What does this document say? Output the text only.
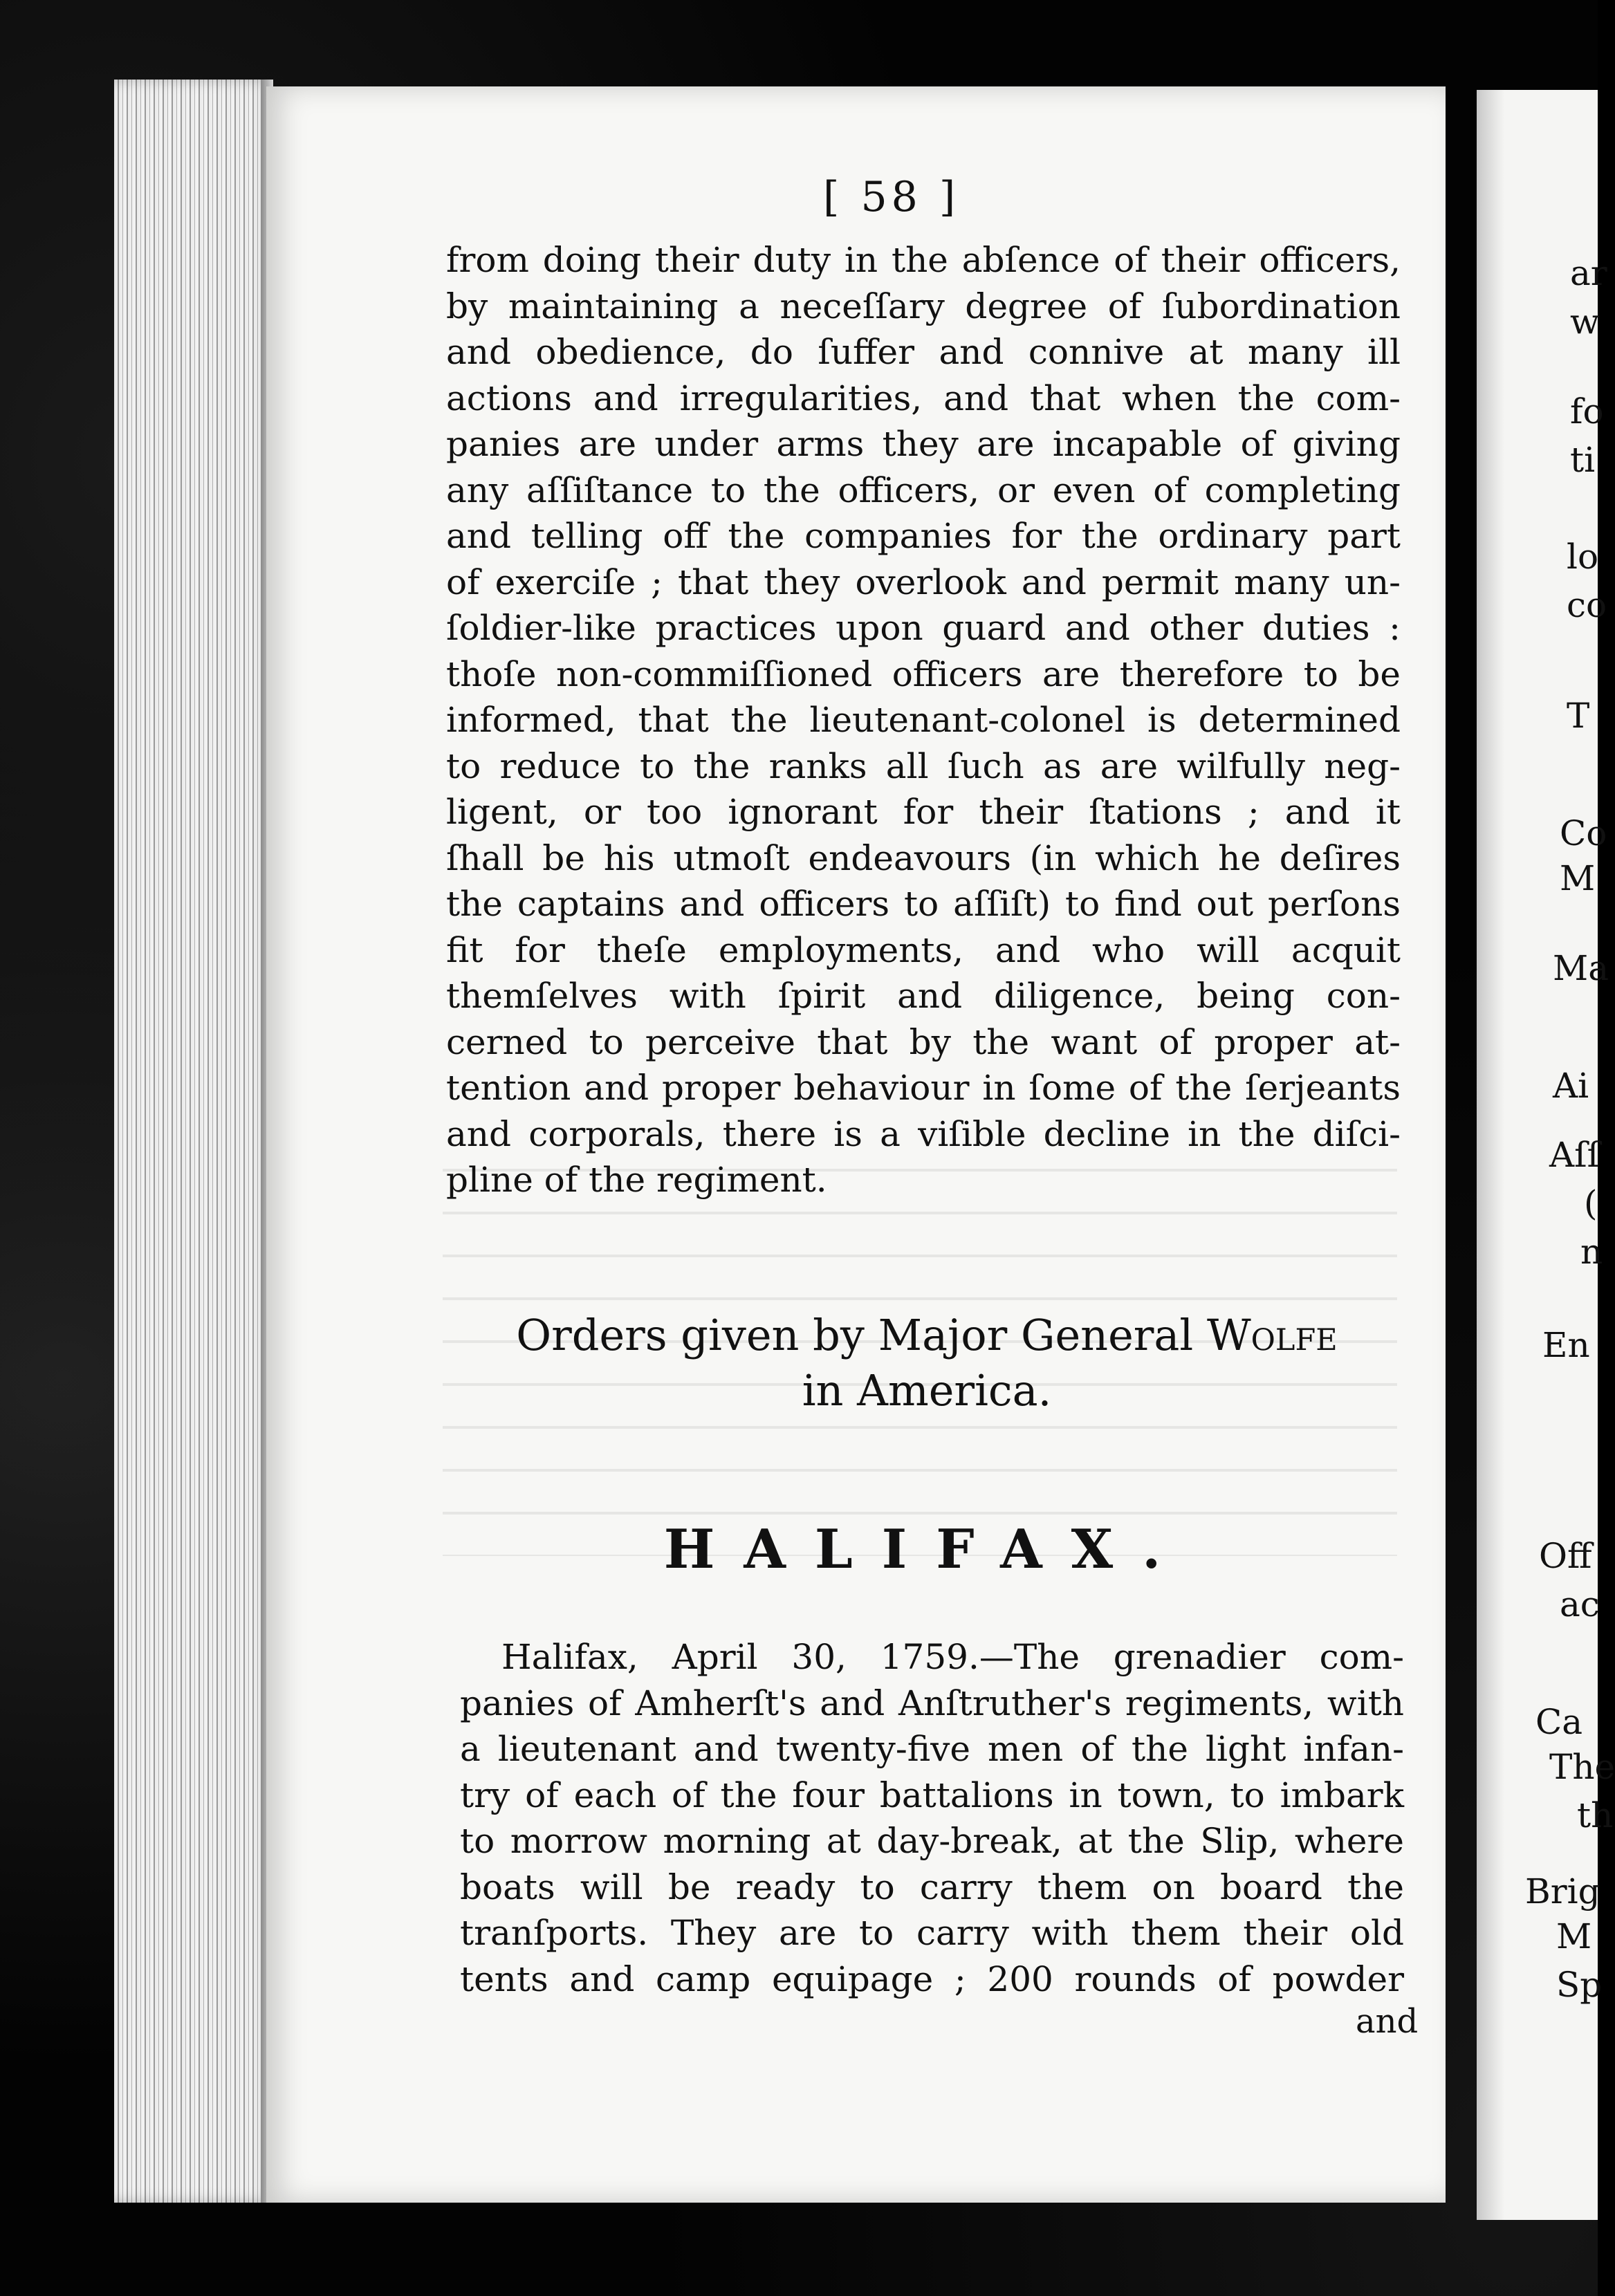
ar
w
fo
ti
lo
co
T
Co
M
Ma
Ai
Aſſ
(
n
En
Off
ac
Ca
The
th
Brig
M
Sp
[ 58 ]
from doing their duty in the abſence of their officers,
by maintaining a neceſſary degree of ſubordination
and obedience, do ſuffer and connive at many ill
actions and irregularities, and that when the com-
panies are under arms they are incapable of giving
any aſſiſtance to the officers, or even of completing
and telling off the companies for the ordinary part
of exerciſe ; that they overlook and permit many un-
ſoldier-like practices upon guard and other duties :
thoſe non-commiſſioned officers are therefore to be
informed, that the lieutenant-colonel is determined
to reduce to the ranks all ſuch as are wilfully neg-
ligent, or too ignorant for their ſtations ; and it
ſhall be his utmoſt endeavours (in which he deſires
the captains and officers to aſſiſt) to find out perſons
fit for theſe employments, and who will acquit
themſelves with ſpirit and diligence, being con-
cerned to perceive that by the want of proper at-
tention and proper behaviour in ſome of the ſerjeants
and corporals, there is a viſible decline in the diſci-
pline of the regiment.
Orders given by Major General Wolfe
in America.
HALIFAX.
Halifax, April 30, 1759.—The grenadier com-
panies of Amherſt's and Anſtruther's regiments, with
a lieutenant and twenty-five men of the light infan-
try of each of the four battalions in town, to imbark
to morrow morning at day-break, at the Slip, where
boats will be ready to carry them on board the
tranſports. They are to carry with them their old
tents and camp equipage ; 200 rounds of powder
and
